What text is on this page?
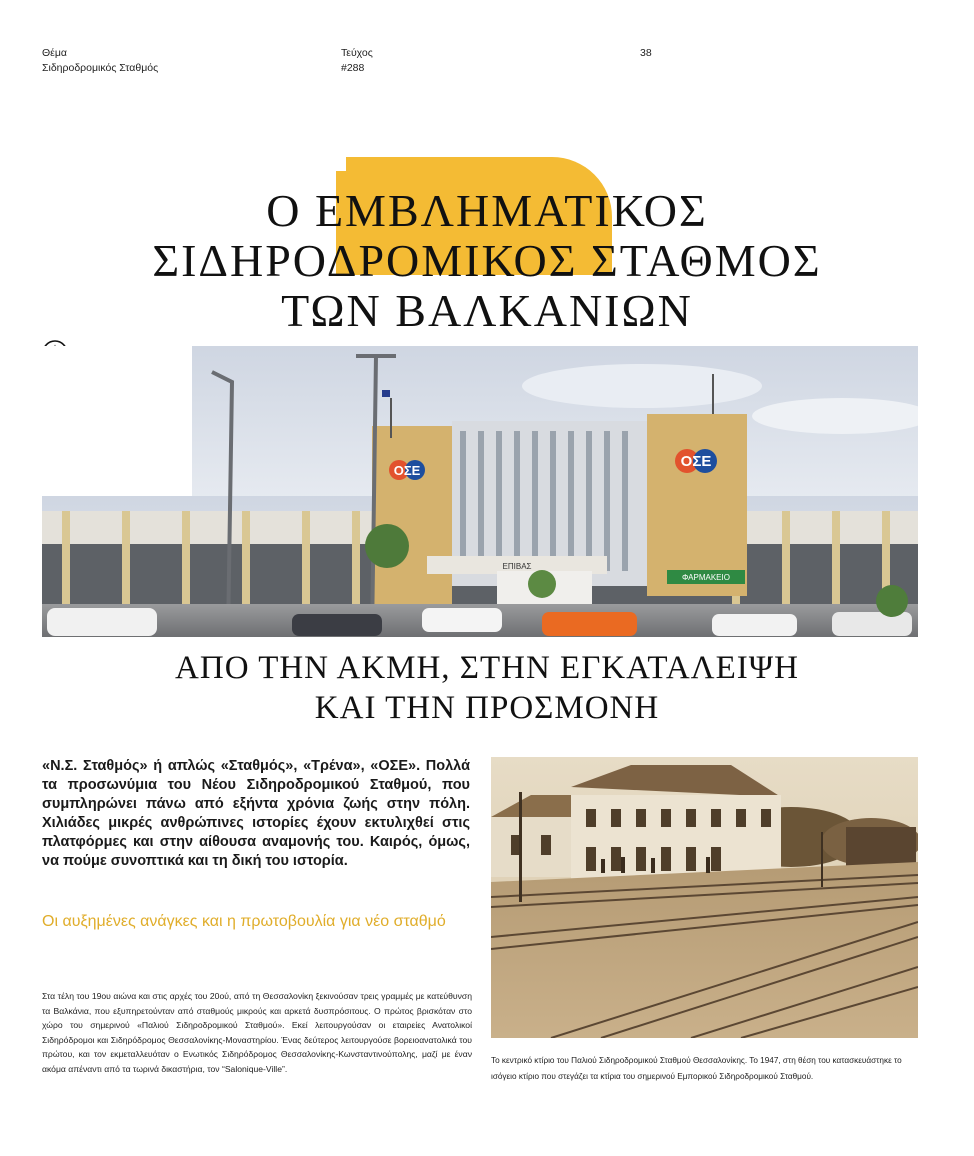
Θέμα
Σιδηροδρομικός Σταθμός
Τεύχος
#288
38
Ο ΕΜΒΛΗΜΑΤΙΚΟΣ
ΣΙΔΗΡΟΔΡΟΜΙΚΟΣ ΣΤΑΘΜΟΣ
ΤΩΝ ΒΑΛΚΑΝΙΩΝ
ΟΣΕ
ΟΣΕ
ΕΠΙΒΑΣ
ΦΑΡΜΑΚΕΙΟ
ΑΠΟ ΤΗΝ ΑΚΜΗ, ΣΤΗΝ ΕΓΚΑΤΑΛΕΙΨΗ
ΚΑΙ ΤΗΝ ΠΡΟΣΜΟΝΗ
«Ν.Σ. Σταθμός» ή απλώς «Σταθμός», «Τρένα», «ΟΣΕ». Πολλά τα προσωνύμια του Νέου Σιδηροδρομικού Σταθμού, που συμπληρώνει πάνω από εξήντα χρόνια ζωής στην πόλη. Χιλιάδες μικρές ανθρώπινες ιστορίες έχουν εκτυλιχθεί στις πλατφόρμες και στην αίθουσα αναμονής του. Καιρός, όμως, να πούμε συνοπτικά και τη δική του ιστορία.
Οι αυξημένες ανάγκες και η πρωτοβουλία για νέο σταθμό
Στα τέλη του 19ου αιώνα και στις αρχές του 20ού, από τη Θεσσαλονίκη ξεκινούσαν τρεις γραμμές με κατεύθυνση τα Βαλκάνια, που εξυπηρετούνταν από σταθμούς μικρούς και αρκετά δυσπρόσιτους. Ο πρώτος βρισκόταν στο χώρο του σημερινού «Παλιού Σιδηροδρομικού Σταθμού». Εκεί λειτουργούσαν οι εταιρείες Ανατολικοί Σιδηρόδρομοι και Σιδηρόδρομος Θεσσαλονίκης-Μοναστηρίου. Ένας δεύτερος λειτουργούσε βορειοανατολικά του πρώτου, και τον εκμεταλλευόταν ο Ενωτικός Σιδηρόδρομος Θεσσαλονίκης-Κωνσταντινούπολης, μαζί με έναν ακόμα απέναντι από τα τωρινά δικαστήρια, τον “Salonique-Ville”.
Το κεντρικό κτίριο του Παλιού Σιδηροδρομικού Σταθμού Θεσσαλονίκης. Το 1947, στη θέση του κατασκευάστηκε το ισόγειο κτίριο που στεγάζει τα κτίρια του σημερινού Εμπορικού Σιδηροδρομικού Σταθμού.
